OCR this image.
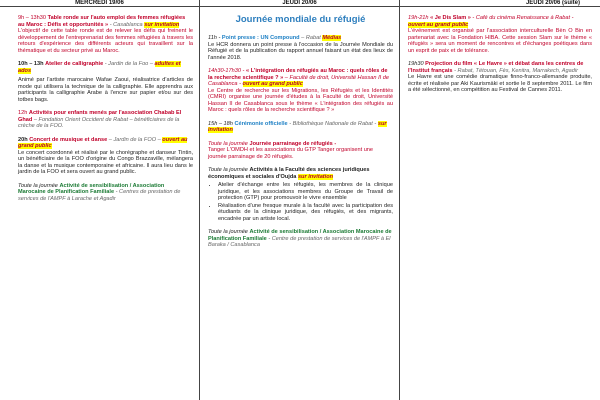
MERCREDI 19/06
9h – 13h30 Table ronde sur l'auto emploi des femmes réfugiées au Maroc : Défis et opportunités » - Casablanca sur invitation
L'objectif de cette table ronde est de relever les défis qui freinent le développement de l'entreprenariat des femmes réfugiées à travers les retours d'expérience des différents acteurs qui travaillent sur la thématique et du secteur privé au Maroc.
10h – 13h Atelier de calligraphie - Jardin de la Foo – adultes et ados
Animé par l'artiste marocaine Wafae Zaoui, réalisatrice d'articles de mode qui utilisera la technique de la calligraphie. Elle apprendra aux participants la calligraphie Arabe à l'encre sur papier et/ou sur des totbes bags.
12h Activités pour enfants menés par l'association Chabab El Ghad – Fondation Orient Occident de Rabat – bénéficiaires de la crèche de la FOO.
20h Concert de musique et danse – Jardin de la FOO – ouvert au grand public
Le concert coordonné et réalisé par le chorégraphe et danseur Tintin, un bénéficiaire de la FOO d'origine du Congo Brazzaville, mélangera la danse et la musique contemporaine et africaine. Il aura lieu dans le jardin de la FOO et sera ouvert au grand public.
Toute la journée Activité de sensibilisation / Association Marocaine de Planification Familiale - Centres de prestation de services de l'AMPF à Larache et Agadir
JEUDI 20/06
Journée mondiale du réfugié
11h - Point presse : UN Compound – Rabat Médias
Le HCR donnera un point presse à l'occasion de la Journée Mondiale du Réfugié et de la publication du rapport annuel faisant un état des lieux de l'année 2018.
14h30-17h30 - « L'intégration des réfugiés au Maroc : quels rôles de la recherche scientifique ? » – Faculté de droit, Université Hassan II de Casablanca - ouvert au grand public
Le Centre de recherche sur les Migrations, les Réfugiés et les Identités (CMRI) organise une journée d'études à la Faculté de droit, Université Hassan II de Casablanca sous le thème « L'intégration des réfugiés au Maroc : quels rôles de la recherche scientifique ? »
15h – 18h Cérémonie officielle - Bibliothèque Nationale de Rabat - sur invitation
Toute la journée Journée parrainage de réfugiés -
Tanger L'OMDH et les associations du GTP Tanger organisent une journée parrainage de 20 réfugiés.
Toute la journée Activités à la Faculté des sciences juridiques économiques et sociales d'Oujda sur invitation
• Atelier d'échange entre les réfugiés, les membres de la clinique juridique, et les associations membres du Groupe de Travail de protection (GTP) pour promouvoir le vivre ensemble
• Réalisation d'une fresque murale à la faculté avec la participation des étudiants de la clinique juridique, des réfugiés, et des migrants, encadrée par un artiste local.
Toute la journée Activité de sensibilisation / Association Marocaine de Planification Familiale - Centre de prestation de services de l'AMPF à El Baraka / Casablanca
JEUDI 20/06 (suite)
19h-21h « Je Dis Slam » - Café du cinéma Renaissance à Rabat - ouvert au grand public
L'événement est organisé par l'association interculturelle Bèn O Bin en partenariat avec la Fondation HIBA. Cette session Slam sur le thème « réfugiés » sera un moment de rencontres et d'échanges poétiques dans un esprit de paix et de tolérance.
19h30 Projection du film « Le Havre » et débat dans les centres de l'Institut français - Rabat, Tétouan, Fès, Kenitra, Marrakech, Agadir
Le Havre est une comédie dramatique finno-franco-allemande produite, écrite et réalisée par Aki Kaurismäki et sortie le 8 septembre 2011. Le film a été sélectionné, en compétition au Festival de Cannes 2011.
